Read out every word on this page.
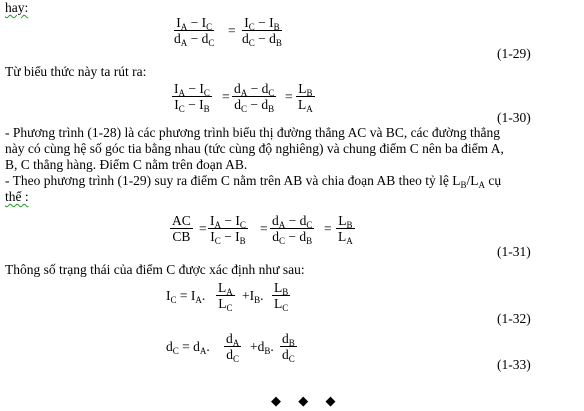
hay:
$\frac{I_A - I_C}{d_A - d_C} = \frac{I_C - I_B}{d_C - d_B}$
(1-29)
Từ biểu thức này ta rút ra:
$\frac{I_A - I_C}{I_C - I_B} = \frac{d_A - d_C}{d_C - d_B} = \frac{L_B}{L_A}$
(1-30)
- Phương trình (1-28) là các phương trình biểu thị đường thẳng AC và BC, các đường thẳng
này có cùng hệ số góc tia bằng nhau (tức cùng độ nghiêng) và chung điểm C nên ba điểm A,
B, C thẳng hàng. Điểm C nằm trên đoạn AB.
- Theo phương trình (1-29) suy ra điểm C nằm trên AB và chia đoạn AB theo tỷ lệ $L_B/L_A$ cụ
thể :
$\frac{AC}{CB} = \frac{I_A - I_C}{I_C - I_B} = \frac{d_A - d_C}{d_C - d_B} = \frac{L_B}{L_A}$
(1-31)
Thông số trạng thái của điểm C được xác định như sau:
$I_C = I_A$. $\frac{L_A}{L_C} +I_B$. $\frac{L_B}{L_C}$
(1-32)
$d_C = d_A$. $\frac{d_A}{d_C} +d_B$. $\frac{d_B}{d_C}$
(1-33)
◆ ◆ ◆
